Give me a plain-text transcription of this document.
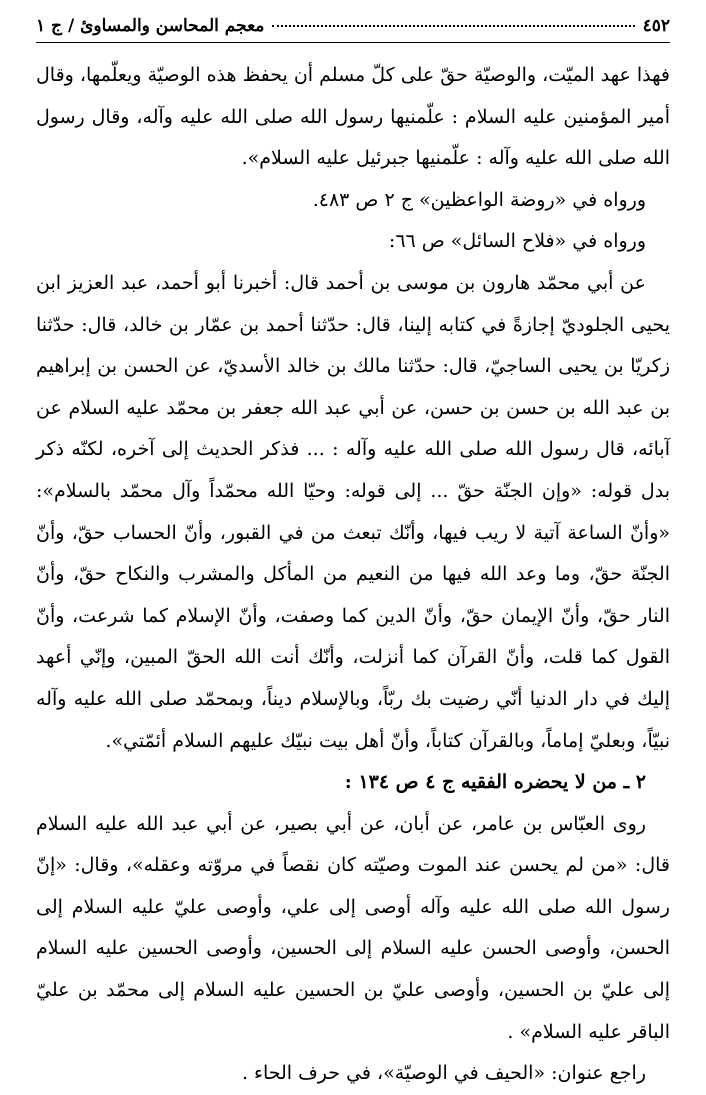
٤٥٢
معجم المحاسن والمساوئ / ج ١

فهذا عهد الميّت، والوصيّة حقّ على كلّ مسلم أن يحفظ هذه الوصيّة ويعلّمها، وقال أمير المؤمنين عليه السلام : علّمنيها رسول الله صلى الله عليه وآله، وقال رسول الله صلى الله عليه وآله : علّمنيها جبرئيل عليه السلام».

ورواه في «روضة الواعظين» ج ٢ ص ٤٨٣.

ورواه في «فلاح السائل» ص ٦٦:

عن أبي محمّد هارون بن موسى بن أحمد قال: أخبرنا أبو أحمد، عبد العزيز ابن يحيى الجلوديّ إجازةً في كتابه إلينا، قال: حدّثنا أحمد بن عمّار بن خالد، قال: حدّثنا زكريّا بن يحيى الساجيّ، قال: حدّثنا مالك بن خالد الأسديّ، عن الحسن بن إبراهيم بن عبد الله بن حسن بن حسن، عن أبي عبد الله جعفر بن محمّد عليه السلام عن آبائه، قال رسول الله صلى الله عليه وآله : ... فذكر الحديث إلى آخره، لكنّه ذكر بدل قوله: «وإن الجنّة حقّ ... إلى قوله: وحيّا الله محمّداً وآل محمّد بالسلام»: «وأنّ الساعة آتية لا ريب فيها، وأنّك تبعث من في القبور، وأنّ الحساب حقّ، وأنّ الجنّة حقّ، وما وعد الله فيها من النعيم من المأكل والمشرب والنكاح حقّ، وأنّ النار حقّ، وأنّ الإيمان حقّ، وأنّ الدين كما وصفت، وأنّ الإسلام كما شرعت، وأنّ القول كما قلت، وأنّ القرآن كما أنزلت، وأنّك أنت الله الحقّ المبين، وإنّي أعهد إليك في دار الدنيا أنّي رضيت بك ربّاً، وبالإسلام ديناً، وبمحمّد صلى الله عليه وآله نبيّاً، وبعليّ إماماً، وبالقرآن كتاباً، وأنّ أهل بيت نبيّك عليهم السلام أئمّتي».

٢ ـ من لا يحضره الفقيه ج ٤ ص ١٣٤ :

روى العبّاس بن عامر، عن أبان، عن أبي بصير، عن أبي عبد الله عليه السلام قال: «من لم يحسن عند الموت وصيّته كان نقصاً في مروّته وعقله»، وقال: «إنّ رسول الله صلى الله عليه وآله أوصى إلى علي، وأوصى عليّ عليه السلام إلى الحسن، وأوصى الحسن عليه السلام إلى الحسين، وأوصى الحسين عليه السلام إلى عليّ بن الحسين، وأوصى عليّ بن الحسين عليه السلام إلى محمّد بن عليّ الباقر عليه السلام» .

راجع عنوان: «الحيف في الوصيّة»، في حرف الحاء .
